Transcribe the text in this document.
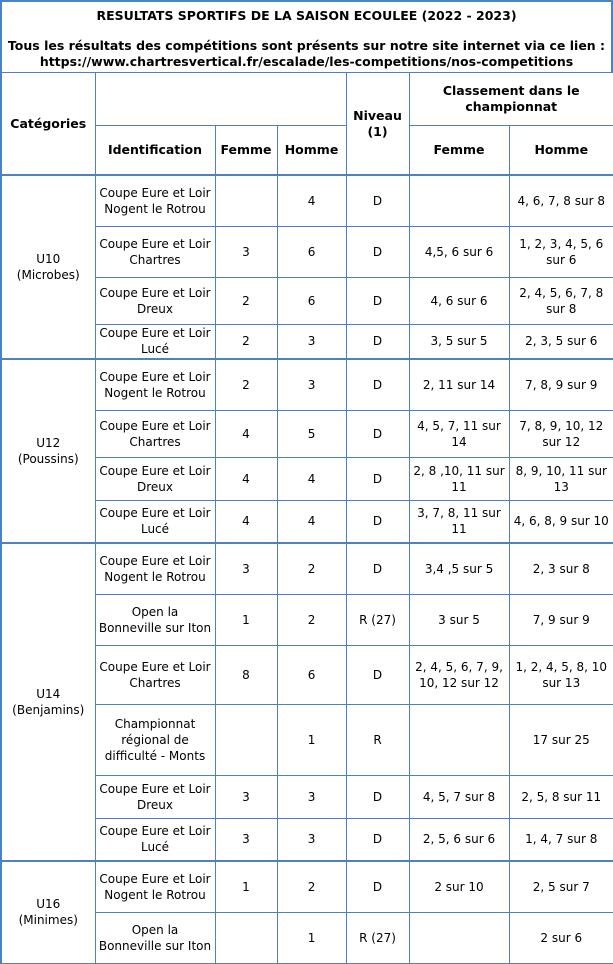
RESULTATS SPORTIFS DE LA SAISON ECOULEE (2022 - 2023)
Tous les résultats des compétitions sont présents sur notre site internet via ce lien :
https://www.chartresvertical.fr/escalade/les-competitions/nos-competitions
Catégories				Niveau (1)	Classement dans le championnat	
	Identification	Femme	Homme		Femme	Homme
U10 (Microbes)	Coupe Eure et Loir Nogent le Rotrou		4	D		4, 6, 7, 8 sur 8
	Coupe Eure et Loir Chartres	3	6	D	4,5, 6 sur 6	1, 2, 3, 4, 5, 6 sur 6
	Coupe Eure et Loir Dreux	2	6	D	4, 6 sur 6	2, 4, 5, 6, 7, 8 sur 8
	Coupe Eure et Loir Lucé	2	3	D	3, 5 sur 5	2, 3, 5 sur 6
U12 (Poussins)	Coupe Eure et Loir Nogent le Rotrou	2	3	D	2, 11 sur 14	7, 8, 9 sur 9
	Coupe Eure et Loir Chartres	4	5	D	4, 5, 7, 11 sur 14	7, 8, 9, 10, 12 sur 12
	Coupe Eure et Loir Dreux	4	4	D	2, 8 ,10, 11 sur 11	8, 9, 10, 11 sur 13
	Coupe Eure et Loir Lucé	4	4	D	3, 7, 8, 11 sur 11	4, 6, 8, 9 sur 10
U14 (Benjamins)	Coupe Eure et Loir Nogent le Rotrou	3	2	D	3,4 ,5 sur 5	2, 3 sur 8
	Open la Bonneville sur Iton	1	2	R (27)	3 sur 5	7, 9 sur 9
	Coupe Eure et Loir Chartres	8	6	D	2, 4, 5, 6, 7, 9, 10, 12 sur 12	1, 2, 4, 5, 8, 10 sur 13
	Championnat régional de difficulté - Monts		1	R		17 sur 25
	Coupe Eure et Loir Dreux	3	3	D	4, 5, 7 sur 8	2, 5, 8 sur 11
	Coupe Eure et Loir Lucé	3	3	D	2, 5, 6 sur 6	1, 4, 7 sur 8
U16 (Minimes)	Coupe Eure et Loir Nogent le Rotrou	1	2	D	2 sur 10	2, 5 sur 7
	Open la Bonneville sur Iton		1	R (27)		2 sur 6
